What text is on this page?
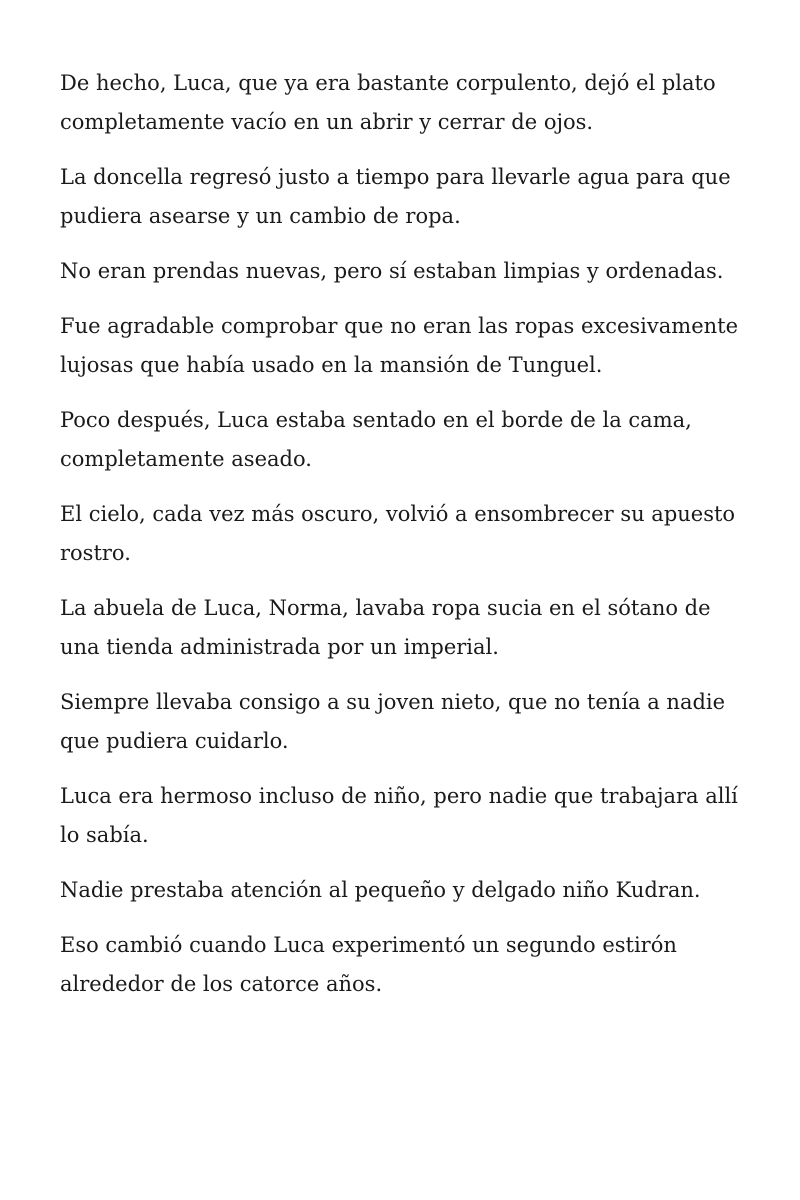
De hecho, Luca, que ya era bastante corpulento, dejó el plato completamente vacío en un abrir y cerrar de ojos.

La doncella regresó justo a tiempo para llevarle agua para que pudiera asearse y un cambio de ropa.

No eran prendas nuevas, pero sí estaban limpias y ordenadas.

Fue agradable comprobar que no eran las ropas excesivamente lujosas que había usado en la mansión de Tunguel.

Poco después, Luca estaba sentado en el borde de la cama, completamente aseado.

El cielo, cada vez más oscuro, volvió a ensombrecer su apuesto rostro.

La abuela de Luca, Norma, lavaba ropa sucia en el sótano de una tienda administrada por un imperial.

Siempre llevaba consigo a su joven nieto, que no tenía a nadie que pudiera cuidarlo.

Luca era hermoso incluso de niño, pero nadie que trabajara allí lo sabía.

Nadie prestaba atención al pequeño y delgado niño Kudran.

Eso cambió cuando Luca experimentó un segundo estirón alrededor de los catorce años.
